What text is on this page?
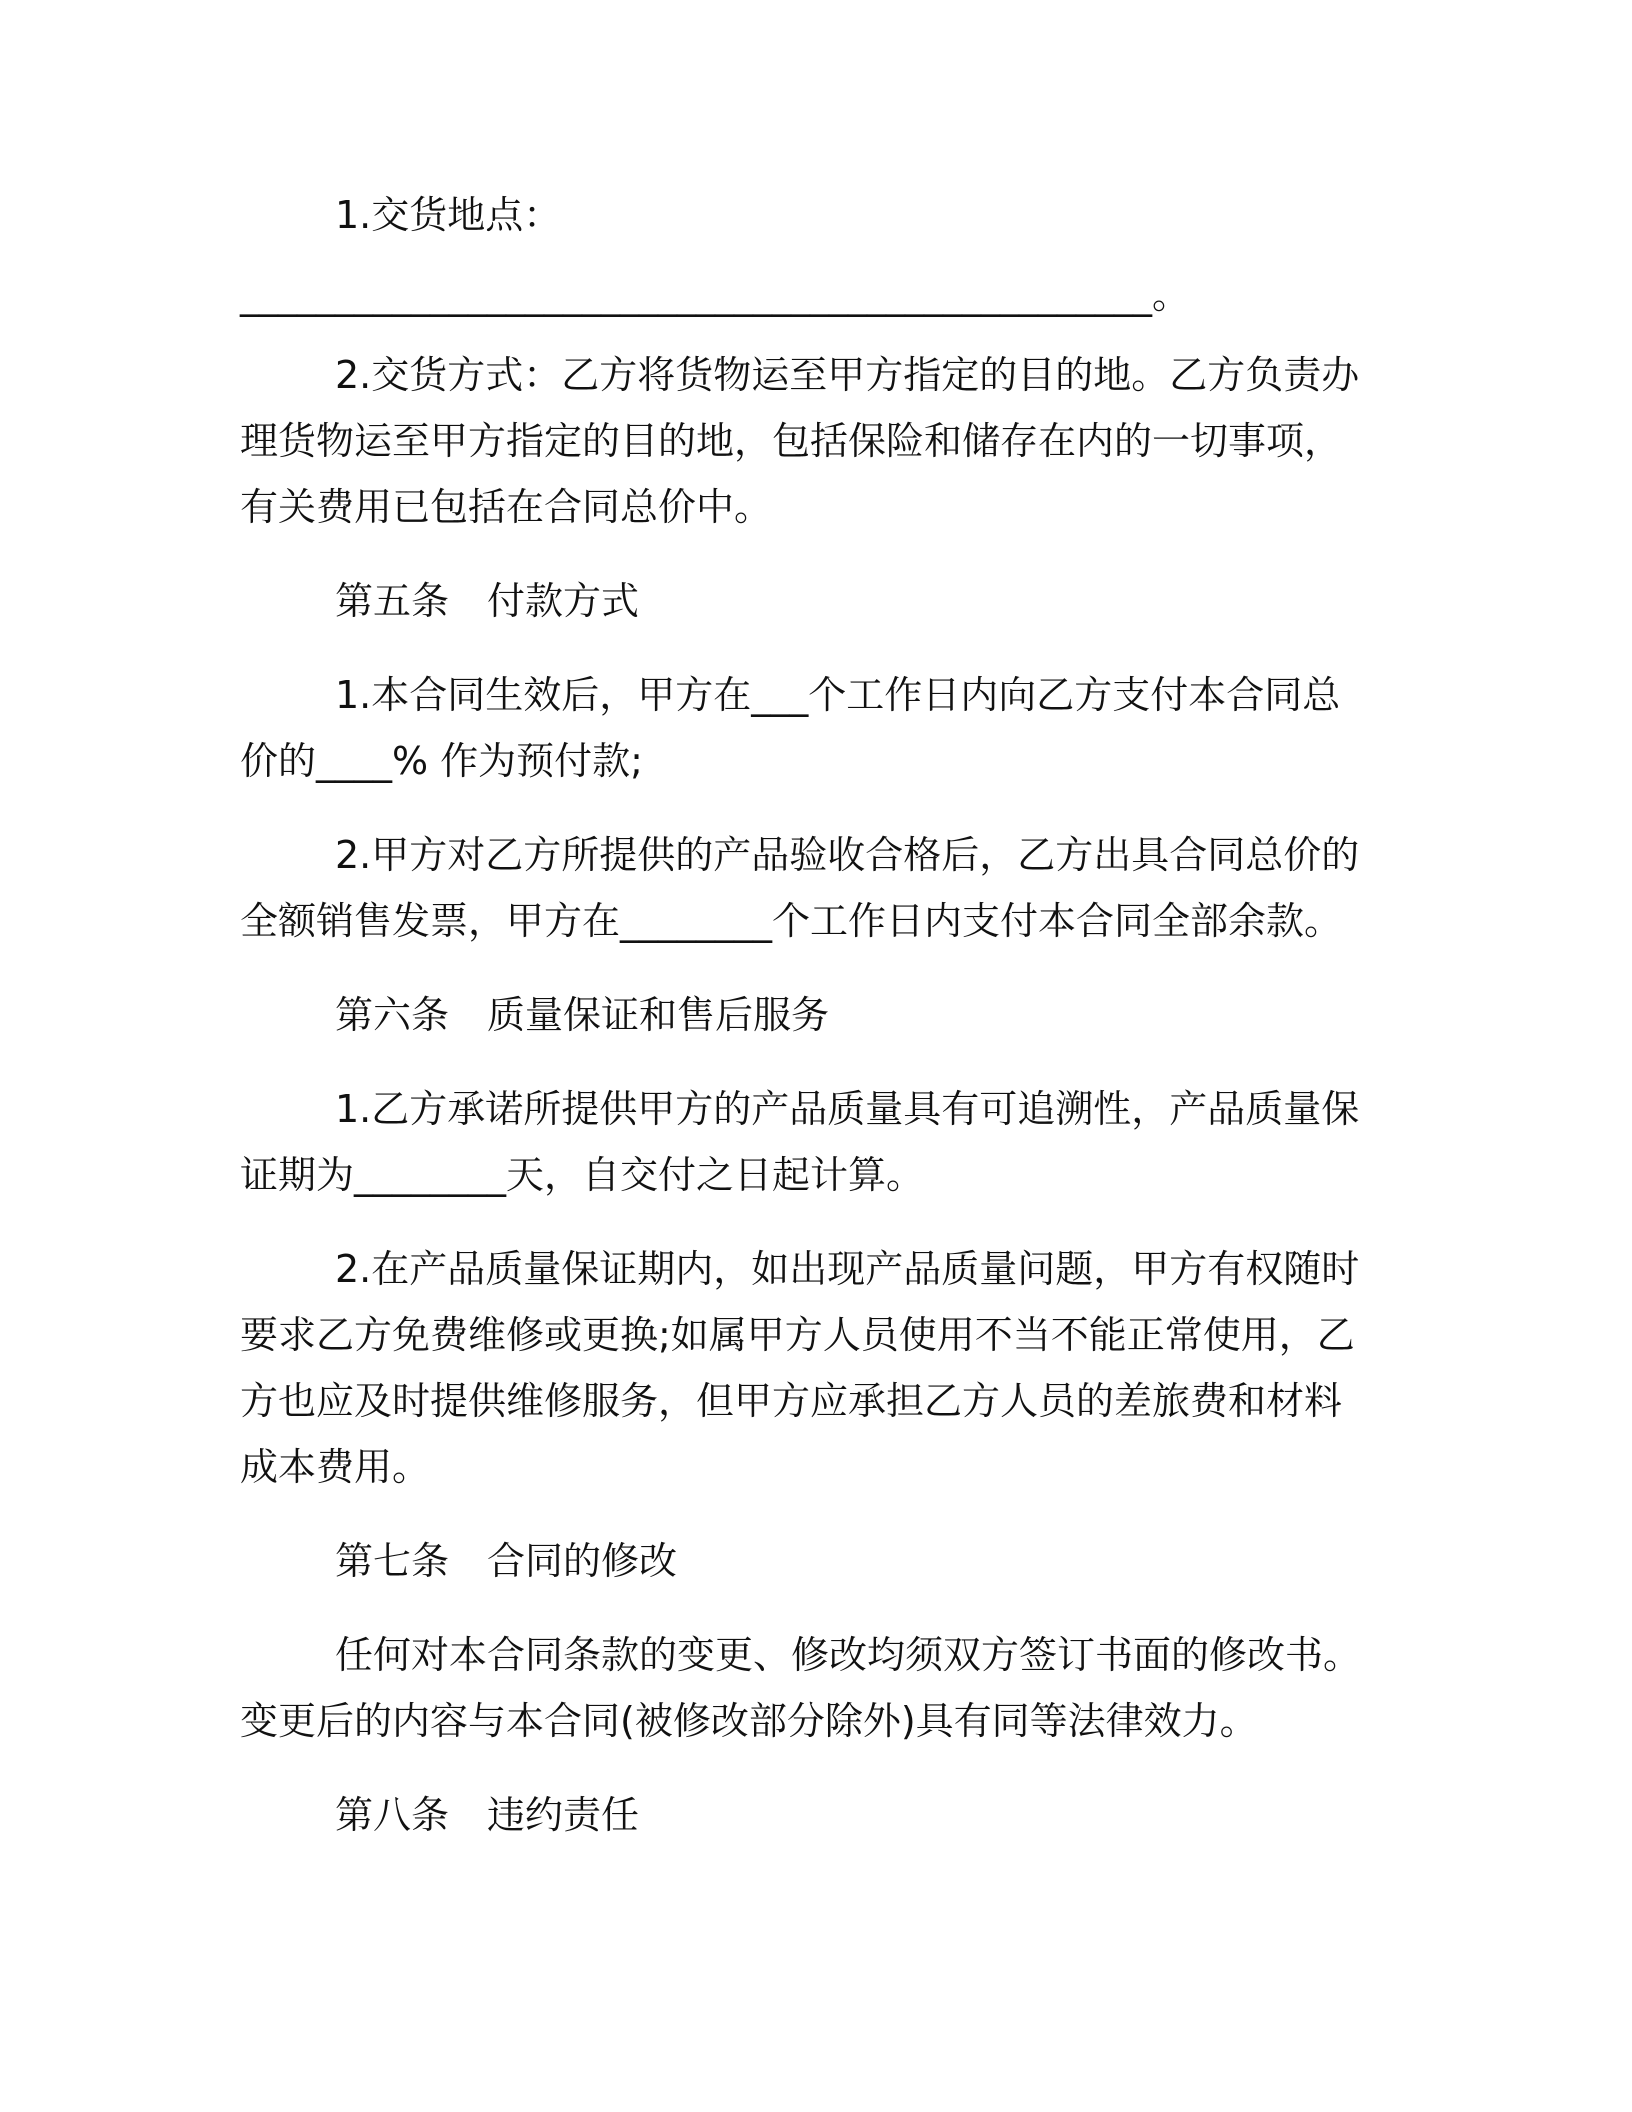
1.交货地点：

________________________________________________。

2.交货方式：乙方将货物运至甲方指定的目的地。乙方负责办理货物运至甲方指定的目的地，包括保险和储存在内的一切事项，有关费用已包括在合同总价中。

第五条　付款方式

1.本合同生效后，甲方在___个工作日内向乙方支付本合同总价的____% 作为预付款;

2.甲方对乙方所提供的产品验收合格后，乙方出具合同总价的全额销售发票，甲方在________个工作日内支付本合同全部余款。

第六条　质量保证和售后服务

1.乙方承诺所提供甲方的产品质量具有可追溯性，产品质量保证期为________天，自交付之日起计算。

2.在产品质量保证期内，如出现产品质量问题，甲方有权随时要求乙方免费维修或更换;如属甲方人员使用不当不能正常使用，乙方也应及时提供维修服务，但甲方应承担乙方人员的差旅费和材料成本费用。

第七条　合同的修改

任何对本合同条款的变更、修改均须双方签订书面的修改书。变更后的内容与本合同(被修改部分除外)具有同等法律效力。

第八条　违约责任
